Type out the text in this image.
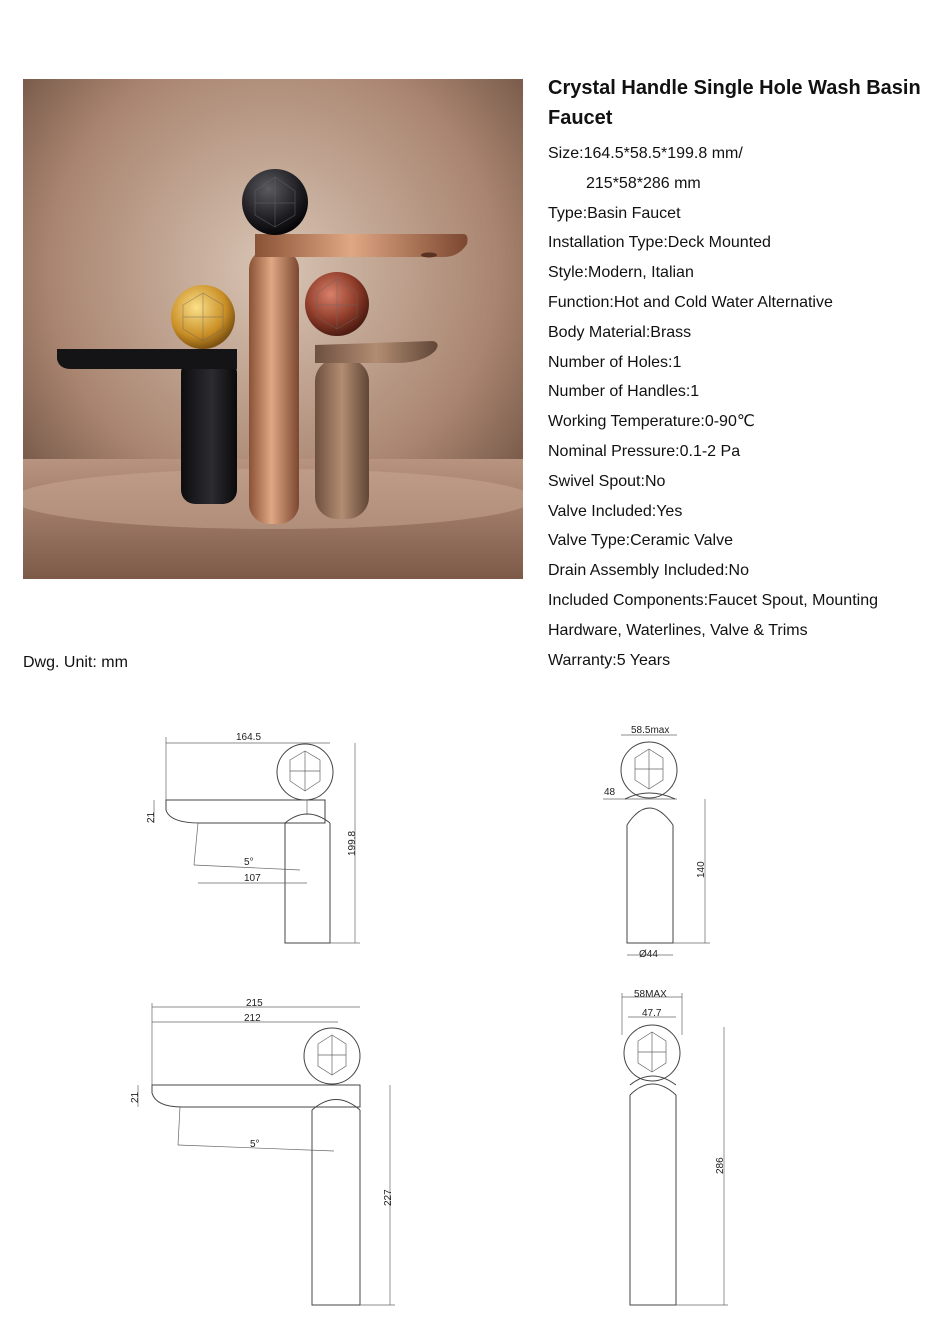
Crystal Handle Single Hole Wash Basin Faucet
Size:164.5*58.5*199.8 mm/
215*58*286 mm
Type:Basin Faucet
Installation Type:Deck Mounted
Style:Modern, Italian
Function:Hot and Cold Water Alternative
Body Material:Brass
Number of Holes:1
Number of Handles:1
Working Temperature:0-90℃
Nominal Pressure:0.1-2 Pa
Swivel Spout:No
Valve Included:Yes
Valve Type:Ceramic Valve
Drain Assembly Included:No
Included Components:Faucet Spout, Mounting
Hardware, Waterlines, Valve & Trims
Warranty:5 Years
Dwg. Unit: mm
164.5
21
199.8
5°
107
58.5max
48
140
Ø44
215
212
21
5°
227
58MAX
47.7
286
